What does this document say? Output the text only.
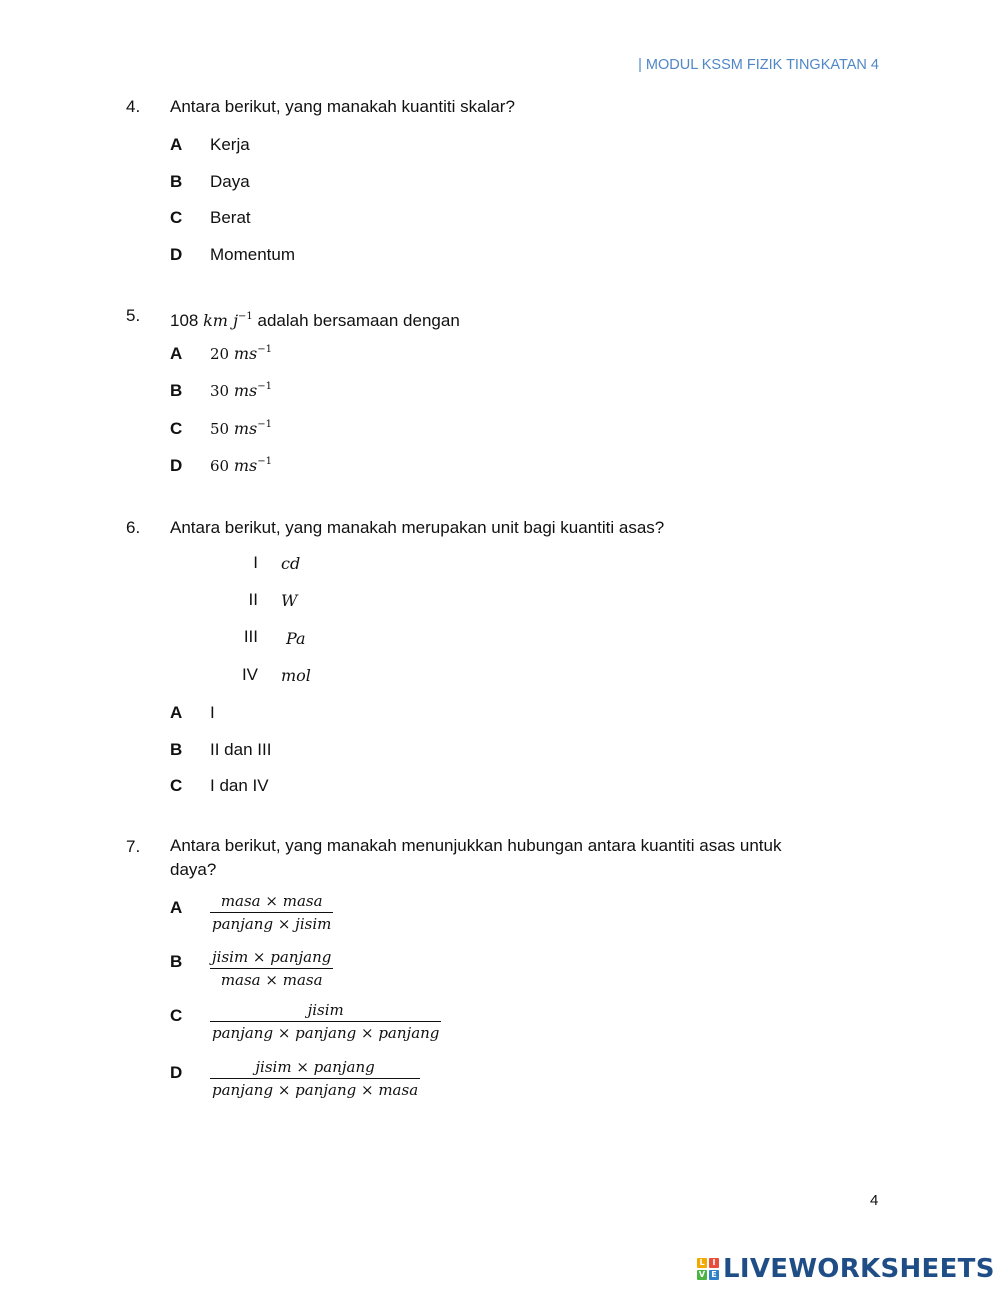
| MODUL KSSM FIZIK TINGKATAN 4
4. Antara berikut, yang manakah kuantiti skalar?
A Kerja
B Daya
C Berat
D Momentum
5. 108 km $j^{-1}$ adalah bersamaan dengan
A 20 $ms^{-1}$
B 30 $ms^{-1}$
C 50 $ms^{-1}$
D 60 $ms^{-1}$
6. Antara berikut, yang manakah merupakan unit bagi kuantiti asas?
I cd
II W
III Pa
IV mol
A I
B II dan III
C I dan IV
7. Antara berikut, yang manakah menunjukkan hubungan antara kuantiti asas untuk daya?
A	masa × masa
panjang × jisim
B jisim × panjang
masa × masa
C	jisim
panjang × panjang × panjang
D	jisim × panjang
panjang × panjang × masa
4
L I
V E LIVEWORKSHEETS
